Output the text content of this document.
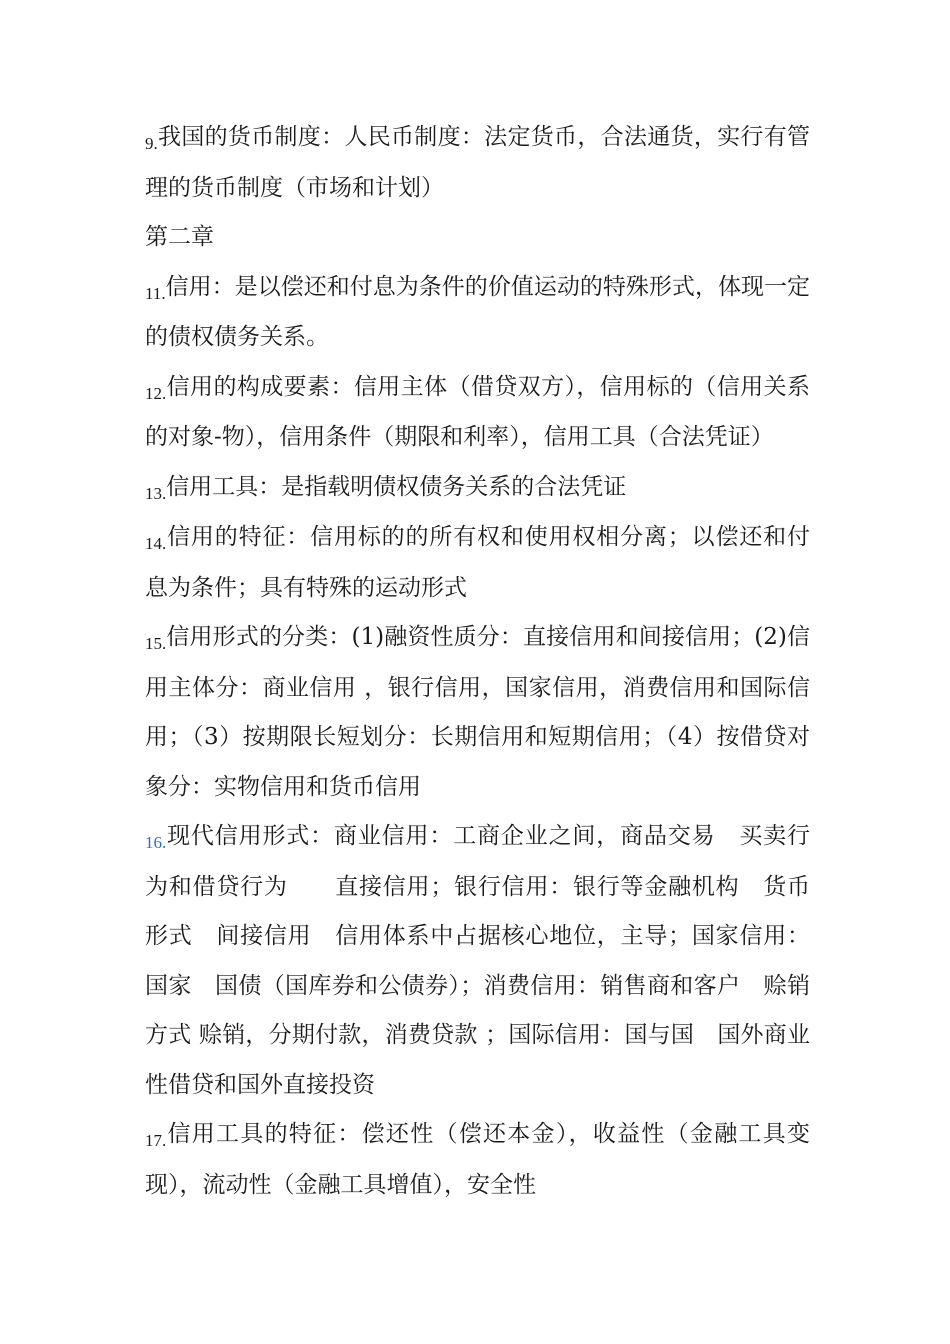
$_{9.}$我国的货币制度：人民币制度：法定货币，合法通货，实行有管理的货币制度（市场和计划）

第二章

$_{11.}$信用：是以偿还和付息为条件的价值运动的特殊形式，体现一定的债权债务关系。

$_{12.}$信用的构成要素：信用主体（借贷双方），信用标的（信用关系的对象-物），信用条件（期限和利率），信用工具（合法凭证）

$_{13.}$信用工具：是指载明债权债务关系的合法凭证

$_{14.}$信用的特征：信用标的的所有权和使用权相分离；以偿还和付息为条件；具有特殊的运动形式

$_{15.}$信用形式的分类：(1)融资性质分：直接信用和间接信用；(2)信用主体分：商业信用 ，银行信用，国家信用，消费信用和国际信用；（3）按期限长短划分：长期信用和短期信用；（4）按借贷对象分：实物信用和货币信用

$_{16.}$现代信用形式：商业信用：工商企业之间，商品交易　买卖行为和借贷行为　　直接信用；银行信用：银行等金融机构　货币形式　间接信用　信用体系中占据核心地位，主导；国家信用：国家　国债（国库券和公债券）；消费信用：销售商和客户　赊销方式 赊销，分期付款，消费贷款 ；国际信用：国与国　国外商业性借贷和国外直接投资

$_{17.}$信用工具的特征：偿还性（偿还本金），收益性（金融工具变现），流动性（金融工具增值），安全性
